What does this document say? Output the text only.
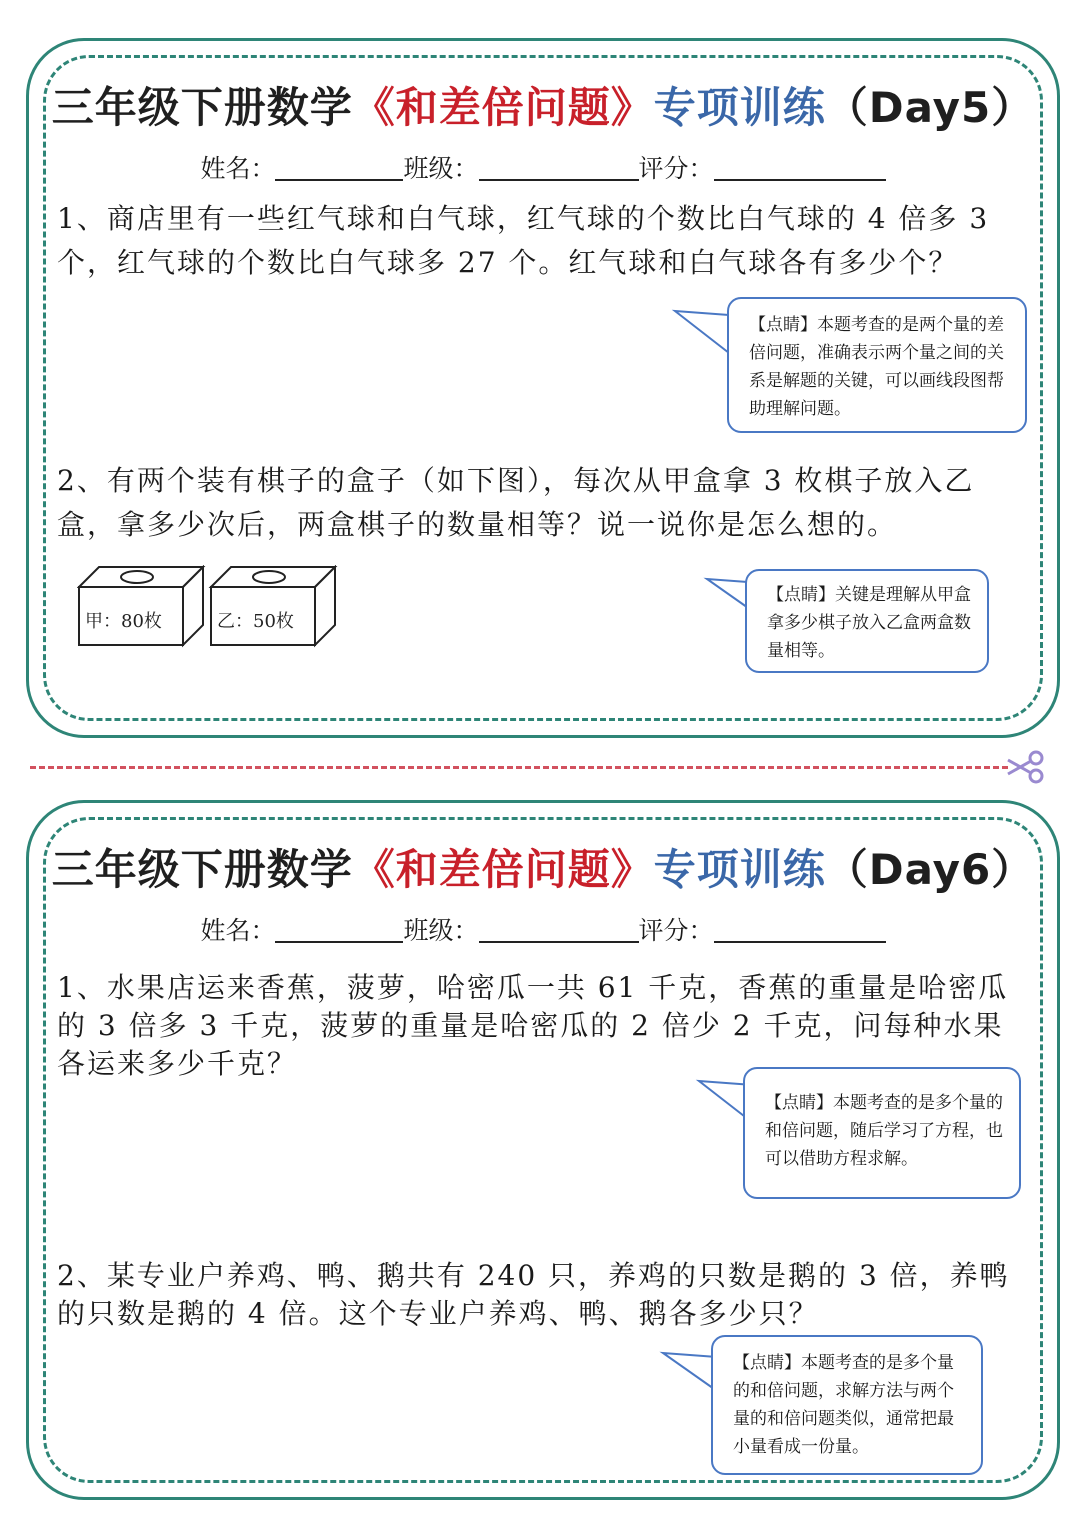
三年级下册数学《和差倍问题》专项训练（Day5）
姓名：	班级：	评分：
1、商店里有一些红气球和白气球，红气球的个数比白气球的 4 倍多 3 个，红气球的个数比白气球多 27 个。红气球和白气球各有多少个？
【点睛】本题考查的是两个量的差倍问题，准确表示两个量之间的关系是解题的关键，可以画线段图帮助理解问题。
2、有两个装有棋子的盒子（如下图），每次从甲盒拿 3 枚棋子放入乙盒，拿多少次后，两盒棋子的数量相等？说一说你是怎么想的。
甲：80枚	乙：50枚
【点睛】关键是理解从甲盒拿多少棋子放入乙盒两盒数量相等。
三年级下册数学《和差倍问题》专项训练（Day6）
姓名：	班级：	评分：
1、水果店运来香蕉，菠萝，哈密瓜一共 61 千克，香蕉的重量是哈密瓜的 3 倍多 3 千克，菠萝的重量是哈密瓜的 2 倍少 2 千克，问每种水果各运来多少千克？
【点睛】本题考查的是多个量的和倍问题，随后学习了方程，也可以借助方程求解。
2、某专业户养鸡、鸭、鹅共有 240 只，养鸡的只数是鹅的 3 倍，养鸭的只数是鹅的 4 倍。这个专业户养鸡、鸭、鹅各多少只？
【点睛】本题考查的是多个量的和倍问题，求解方法与两个量的和倍问题类似，通常把最小量看成一份量。
